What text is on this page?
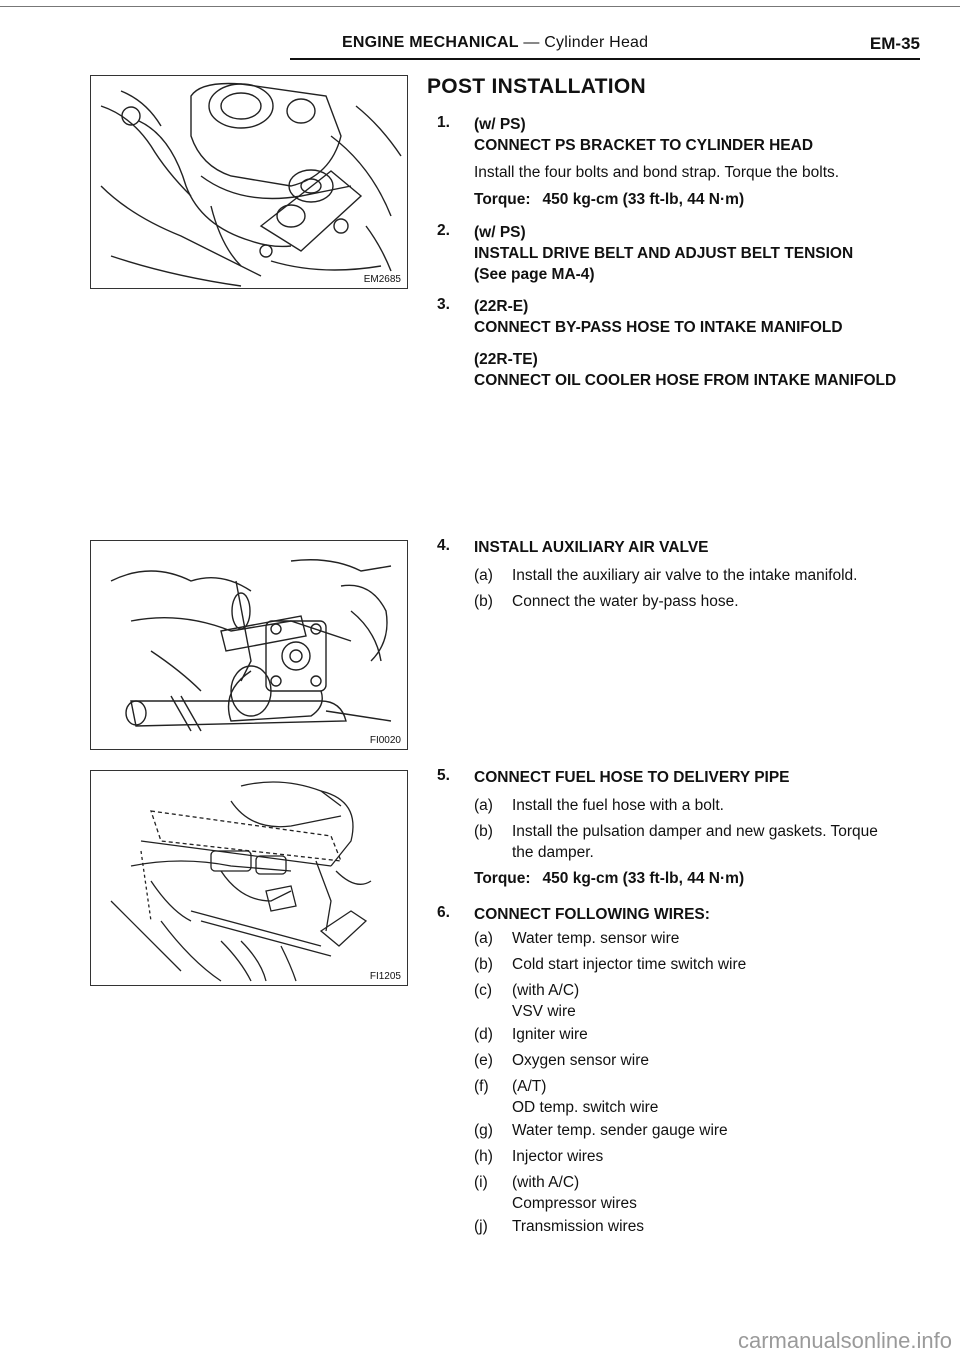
ENGINE MECHANICAL — Cylinder Head	EM-35
EM2685
FI0020
FI1205
POST INSTALLATION
1. (w/ PS)
CONNECT PS BRACKET TO CYLINDER HEAD
Install the four bolts and bond strap. Torque the bolts.
Torque: 450 kg-cm (33 ft-lb, 44 N·m)
2. (w/ PS)
INSTALL DRIVE BELT AND ADJUST BELT TENSION
(See page MA-4)
3. (22R-E)
CONNECT BY-PASS HOSE TO INTAKE MANIFOLD
(22R-TE)
CONNECT OIL COOLER HOSE FROM INTAKE MANIFOLD
4. INSTALL AUXILIARY AIR VALVE
(a) Install the auxiliary air valve to the intake manifold.
(b) Connect the water by-pass hose.
5. CONNECT FUEL HOSE TO DELIVERY PIPE
(a) Install the fuel hose with a bolt.
(b) Install the pulsation damper and new gaskets. Torque
the damper.
Torque: 450 kg-cm (33 ft-lb, 44 N·m)
6. CONNECT FOLLOWING WIRES:
(a) Water temp. sensor wire
(b) Cold start injector time switch wire
(c) (with A/C)
VSV wire
(d) Igniter wire
(e) Oxygen sensor wire
(f) (A/T)
OD temp. switch wire
(g) Water temp. sender gauge wire
(h) Injector wires
(i) (with A/C)
Compressor wires
(j) Transmission wires
carmanualsonline.info
